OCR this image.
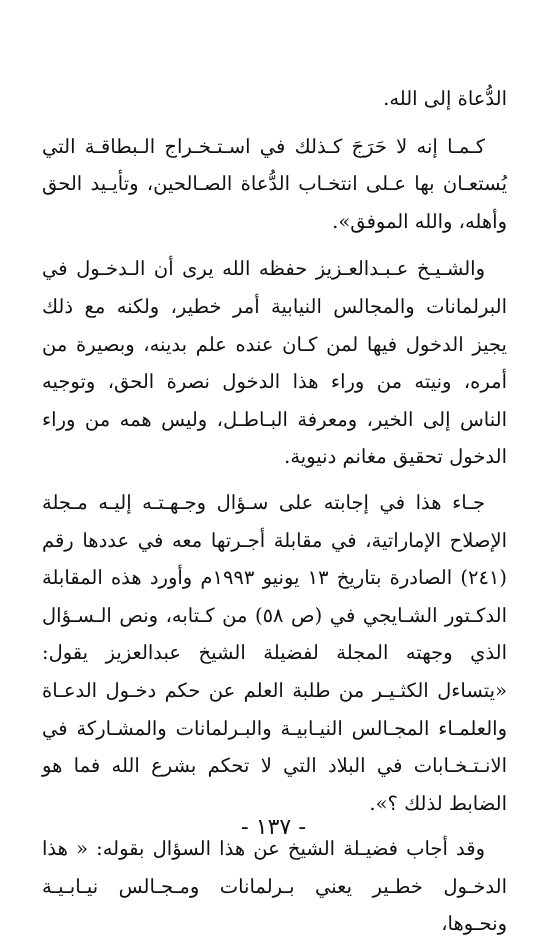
الدُّعاة إلى الله.

كـمـا إنه لا حَرَجَ كـذلك في اسـتـخـراج الـبطاقـة التي يُستعـان بها عـلى انتخـاب الدُّعاة الصـالحين، وتأيـيد الحق وأهله، والله الموفق».

والشـيـخ عـبـدالعـزيز حفظه الله يرى أن الـدخـول في البرلمانات والمجالس النيابية أمر خطير، ولكنه مع ذلك يجيز الدخول فيها لمن كـان عنده علم بدينه، وبصيرة من أمره، ونيته من وراء هذا الدخول نصرة الحق، وتوجيه الناس إلى الخير، ومعرفة البـاطـل، وليس همه من وراء الدخول تحقيق مغانم دنيوية.

جـاء هذا في إجابته على سـؤال وجـهـتـه إليـه مـجلة الإصلاح الإماراتية، في مقابلة أجـرتها معه في عددها رقم (٢٤١) الصادرة بتاريخ ١٣ يونيو ١٩٩٣م وأورد هذه المقابلة الدكـتور الشـايجي في (ص ٥٨) من كـتابه، ونص الـسـؤال الذي وجهته المجلة لفضيلة الشيخ عبدالعزيز يقول: «يتساءل الكثـيـر من طلبة العلم عن حكم دخـول الدعـاة والعلمـاء المجـالس النيـابيـة والبـرلمانات والمشـاركة في الانـتـخـابات في البلاد التي لا تحكم بشرع الله فما هو الضابط لذلك ؟».

وقد أجاب فضيـلة الشيخ عن هذا السؤال بقوله: « هذا الدخـول خطـير يعني بـرلمانات ومـجـالس نيـابـيـة ونحـوها،

- ١٣٧ -
